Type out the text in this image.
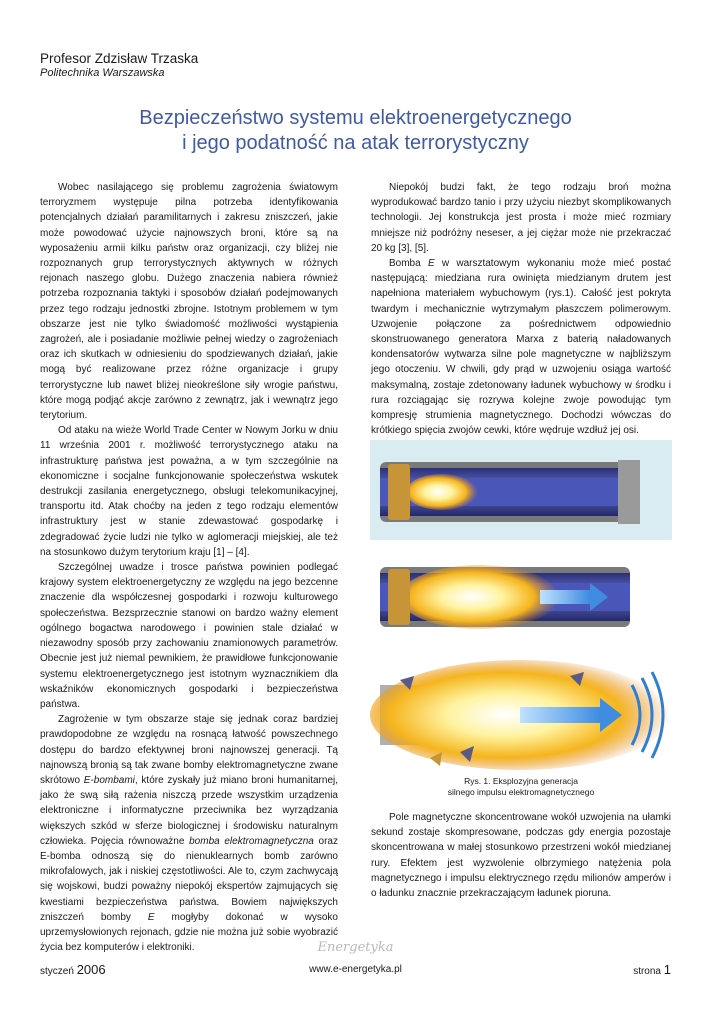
Profesor Zdzisław Trzaska
Politechnika Warszawska
Bezpieczeństwo systemu elektroenergetycznego
i jego podatność na atak terrorystyczny

Wobec nasilającego się problemu zagrożenia światowym terroryzmem występuje pilna potrzeba identyfikowania potencjalnych działań paramilitarnych i zakresu zniszczeń, jakie może powodować użycie najnowszych broni, które są na wyposażeniu armii kilku państw oraz organizacji, czy bliżej nie rozpoznanych grup terrorystycznych aktywnych w różnych rejonach naszego globu. Dużego znaczenia nabiera również potrzeba rozpoznania taktyki i sposobów działań podejmowanych przez tego rodzaju jednostki zbrojne. Istotnym problemem w tym obszarze jest nie tylko świadomość możliwości wystąpienia zagrożeń, ale i posiadanie możliwie pełnej wiedzy o zagrożeniach oraz ich skutkach w odniesieniu do spodziewanych działań, jakie mogą być realizowane przez różne organizacje i grupy terrorystyczne lub nawet bliżej nieokreślone siły wrogie państwu, które mogą podjąć akcje zarówno z zewnątrz, jak i wewnątrz jego terytorium.

Od ataku na wieże World Trade Center w Nowym Jorku w dniu 11 września 2001 r. możliwość terrorystycznego ataku na infrastrukturę państwa jest poważna, a w tym szczególnie na ekonomiczne i socjalne funkcjonowanie społeczeństwa wskutek destrukcji zasilania energetycznego, obsługi telekomunikacyjnej, transportu itd. Atak choćby na jeden z tego rodzaju elementów infrastruktury jest w stanie zdewastować gospodarkę i zdegradować życie ludzi nie tylko w aglomeracji miejskiej, ale też na stosunkowo dużym terytorium kraju [1] – [4].

Szczególnej uwadze i trosce państwa powinien podlegać krajowy system elektroenergetyczny ze względu na jego bezcenne znaczenie dla współczesnej gospodarki i rozwoju kulturowego społeczeństwa. Bezsprzecznie stanowi on bardzo ważny element ogólnego bogactwa narodowego i powinien stale działać w niezawodny sposób przy zachowaniu znamionowych parametrów. Obecnie jest już niemal pewnikiem, że prawidłowe funkcjonowanie systemu elektroenergetycznego jest istotnym wyznacznikiem dla wskaźników ekonomicznych gospodarki i bezpieczeństwa państwa.

Zagrożenie w tym obszarze staje się jednak coraz bardziej prawdopodobne ze względu na rosnącą łatwość powszechnego dostępu do bardzo efektywnej broni najnowszej generacji. Tą najnowszą bronią są tak zwane bomby elektromagnetyczne zwane skrótowo E-bombami, które zyskały już miano broni humanitarnej, jako że swą siłą rażenia niszczą przede wszystkim urządzenia elektroniczne i informatyczne przeciwnika bez wyrządzania większych szkód w sferze biologicznej i środowisku naturalnym człowieka. Pojęcia równoważne bomba elektromagnetyczna oraz E-bomba odnoszą się do nienuklearnych bomb zarówno mikrofalowych, jak i niskiej częstotliwości. Ale to, czym zachwycają się wojskowi, budzi poważny niepokój ekspertów zajmujących się kwestiami bezpieczeństwa państwa. Bowiem największych zniszczeń bomby E mogłyby dokonać w wysoko uprzemysłowionych rejonach, gdzie nie można już sobie wyobrazić życia bez komputerów i elektroniki.

Niepokój budzi fakt, że tego rodzaju broń można wyprodukować bardzo tanio i przy użyciu niezbyt skomplikowanych technologii. Jej konstrukcja jest prosta i może mieć rozmiary mniejsze niż podróżny neseser, a jej ciężar może nie przekraczać 20 kg [3], [5].

Bomba E w warsztatowym wykonaniu może mieć postać następującą: miedziana rura owinięta miedzianym drutem jest napełniona materiałem wybuchowym (rys.1). Całość jest pokryta twardym i mechanicznie wytrzymałym płaszczem polimerowym. Uzwojenie połączone za pośrednictwem odpowiednio skonstruowanego generatora Marxa z baterią naładowanych kondensatorów wytwarza silne pole magnetyczne w najbliższym jego otoczeniu. W chwili, gdy prąd w uzwojeniu osiąga wartość maksymalną, zostaje zdetonowany ładunek wybuchowy w środku i rura rozciągając się rozrywa kolejne zwoje powodując tym kompresję strumienia magnetycznego. Dochodzi wówczas do krótkiego spięcia zwojów cewki, które wędruje wzdłuż jej osi.

Rys. 1. Eksplozyjna generacja
silnego impulsu elektromagnetycznego

Pole magnetyczne skoncentrowane wokół uzwojenia na ułamki sekund zostaje skompresowane, podczas gdy energia pozostaje skoncentrowana w małej stosunkowo przestrzeni wokół miedzianej rury. Efektem jest wyzwolenie olbrzymiego natężenia pola magnetycznego i impulsu elektrycznego rzędu milionów amperów i o ładunku znacznie przekraczającym ładunek pioruna.

Energetyka
styczeń 2006	www.e-energetyka.pl	strona 1
